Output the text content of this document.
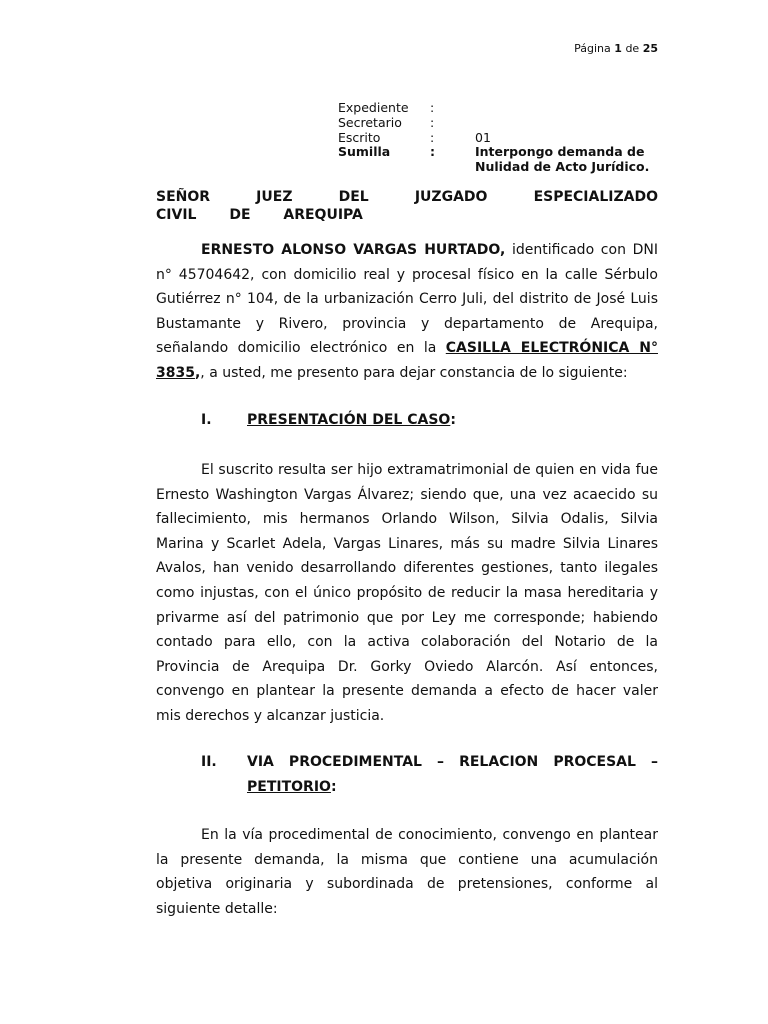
Página 1 de 25
Expediente	:
Secretario	:
Escrito	:	01
Sumilla	:	Interpongo demanda de
Nulidad de Acto Jurídico.
SEÑOR JUEZ DEL JUZGADO ESPECIALIZADO CIVIL DE AREQUIPA

ERNESTO ALONSO VARGAS HURTADO, identificado con DNI n° 45704642, con domicilio real y procesal físico en la calle Sérbulo Gutiérrez n° 104, de la urbanización Cerro Juli, del distrito de José Luis Bustamante y Rivero, provincia y departamento de Arequipa, señalando domicilio electrónico en la CASILLA ELECTRÓNICA N° 3835,, a usted, me presento para dejar constancia de lo siguiente:

I.	PRESENTACIÓN DEL CASO:

El suscrito resulta ser hijo extramatrimonial de quien en vida fue Ernesto Washington Vargas Álvarez; siendo que, una vez acaecido su fallecimiento, mis hermanos Orlando Wilson, Silvia Odalis, Silvia Marina y Scarlet Adela, Vargas Linares, más su madre Silvia Linares Avalos, han venido desarrollando diferentes gestiones, tanto ilegales como injustas, con el único propósito de reducir la masa hereditaria y privarme así del patrimonio que por Ley me corresponde; habiendo contado para ello, con la activa colaboración del Notario de la Provincia de Arequipa Dr. Gorky Oviedo Alarcón. Así entonces, convengo en plantear la presente demanda a efecto de hacer valer mis derechos y alcanzar justicia.

II. VIA PROCEDIMENTAL – RELACION PROCESAL –
PETITORIO:

En la vía procedimental de conocimiento, convengo en plantear la presente demanda, la misma que contiene una acumulación objetiva originaria y subordinada de pretensiones, conforme al siguiente detalle:
